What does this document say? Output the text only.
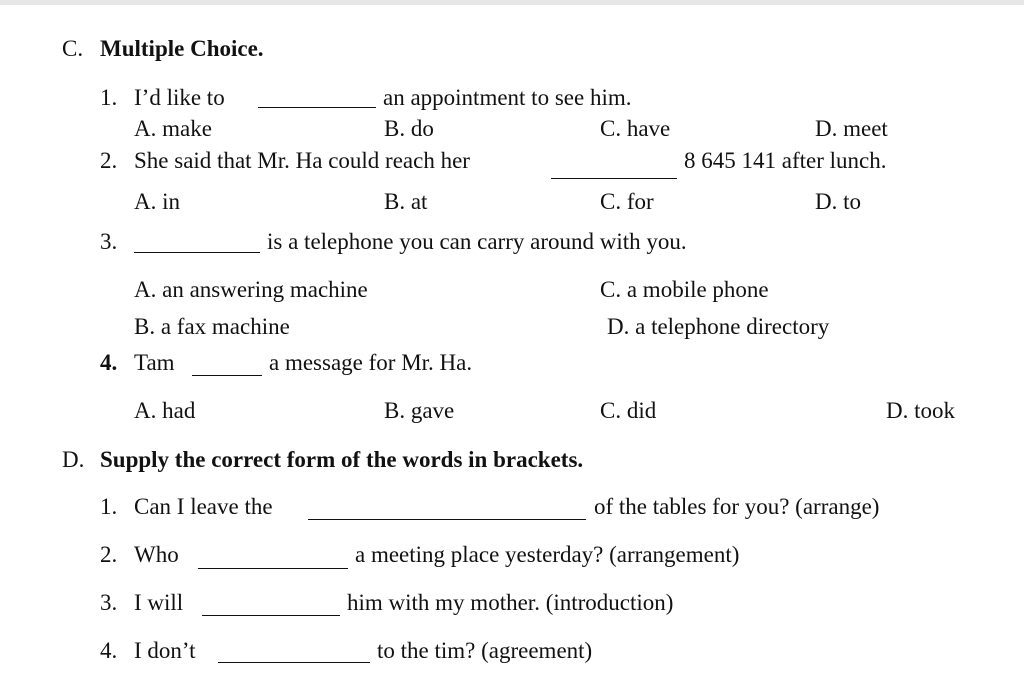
C. Multiple Choice.
1. I’d like to	an appointment to see him.
A. make	B. do	C. have	D. meet
2. She said that Mr. Ha could reach her	8 645 141 after lunch.
A. in	B. at	C. for	D. to
3.	is a telephone you can carry around with you.
A. an answering machine	C. a mobile phone
B. a fax machine	D. a telephone directory
4. Tam	a message for Mr. Ha.
A. had	B. gave	C. did	D. took
D. Supply the correct form of the words in brackets.
1. Can I leave the	of the tables for you? (arrange)
2. Who	a meeting place yesterday? (arrangement)
3. I will	him with my mother. (introduction)
4. I don’t	to the tim? (agreement)
